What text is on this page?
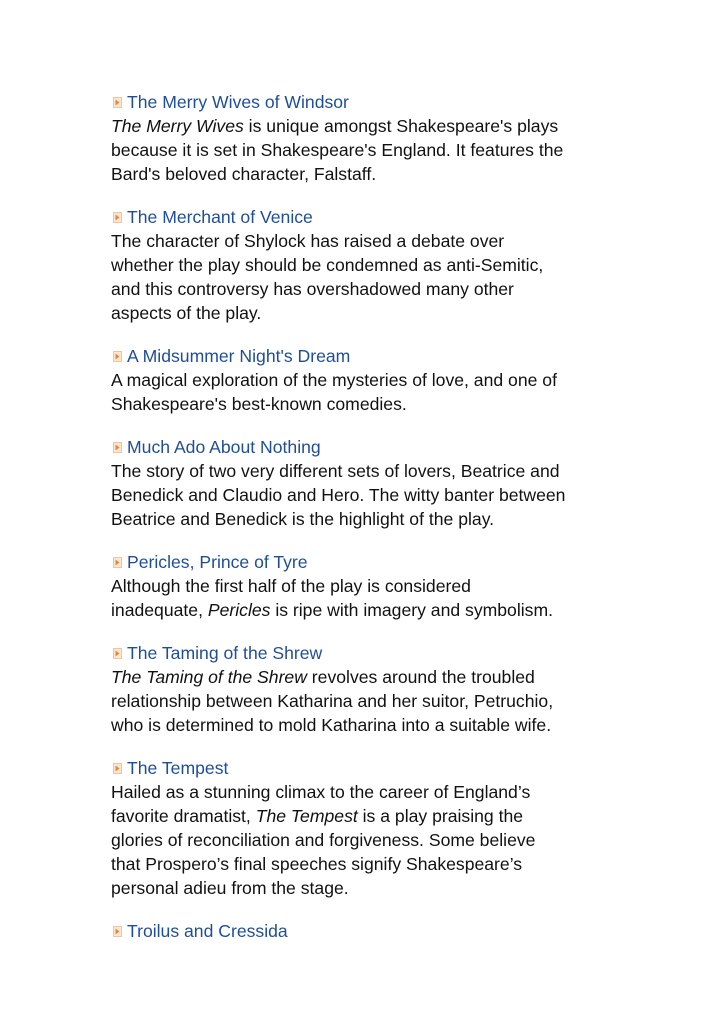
The Merry Wives of Windsor

The Merry Wives is unique amongst Shakespeare's plays
because it is set in Shakespeare's England. It features the
Bard's beloved character, Falstaff.

The Merchant of Venice

The character of Shylock has raised a debate over
whether the play should be condemned as anti-Semitic,
and this controversy has overshadowed many other
aspects of the play.

A Midsummer Night's Dream

A magical exploration of the mysteries of love, and one of
Shakespeare's best-known comedies.

Much Ado About Nothing

The story of two very different sets of lovers, Beatrice and
Benedick and Claudio and Hero. The witty banter between
Beatrice and Benedick is the highlight of the play.

Pericles, Prince of Tyre

Although the first half of the play is considered
inadequate, Pericles is ripe with imagery and symbolism.

The Taming of the Shrew

The Taming of the Shrew revolves around the troubled
relationship between Katharina and her suitor, Petruchio,
who is determined to mold Katharina into a suitable wife.

The Tempest

Hailed as a stunning climax to the career of England’s
favorite dramatist, The Tempest is a play praising the
glories of reconciliation and forgiveness. Some believe
that Prospero’s final speeches signify Shakespeare’s
personal adieu from the stage.

Troilus and Cressida
